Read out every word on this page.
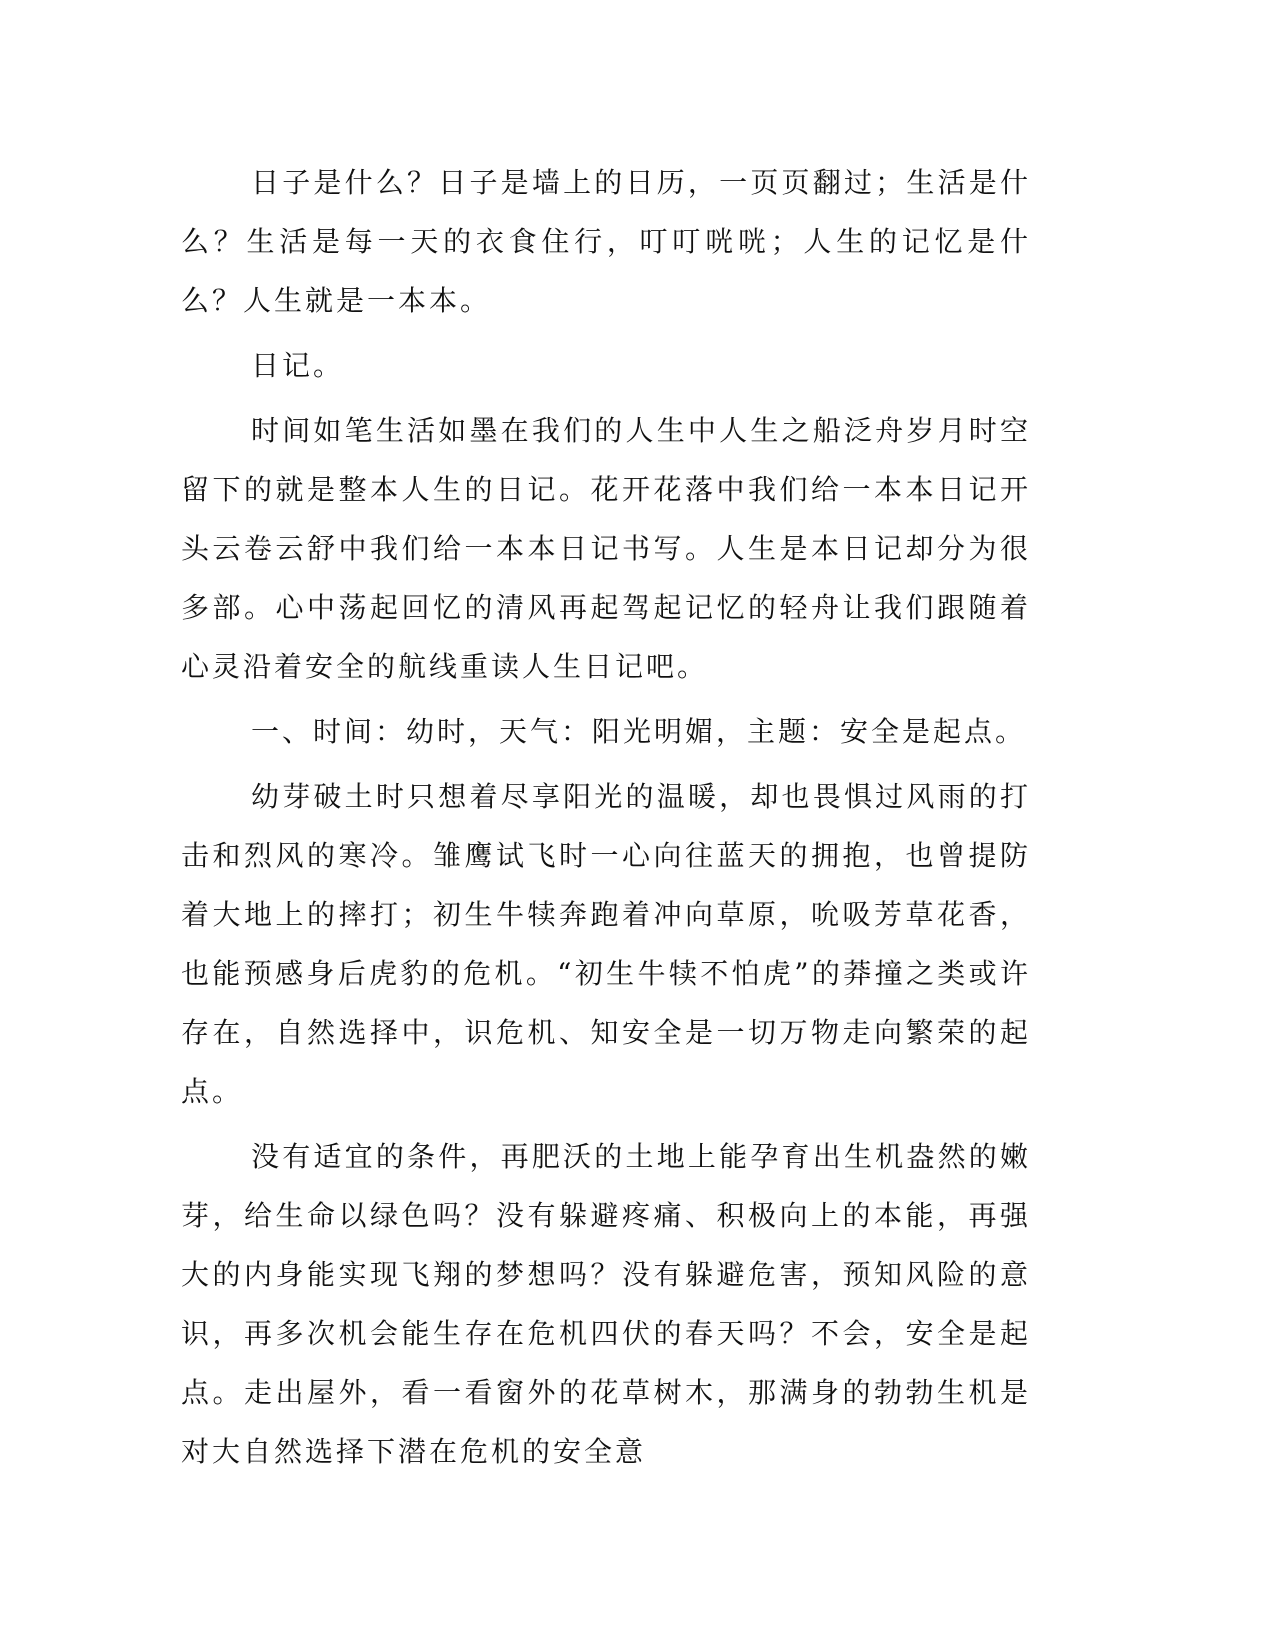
日子是什么？日子是墙上的日历，一页页翻过；生活是什么？生活是每一天的衣食住行，叮叮咣咣；人生的记忆是什么？人生就是一本本。

日记。

时间如笔生活如墨在我们的人生中人生之船泛舟岁月时空留下的就是整本人生的日记。花开花落中我们给一本本日记开头云卷云舒中我们给一本本日记书写。人生是本日记却分为很多部。心中荡起回忆的清风再起驾起记忆的轻舟让我们跟随着心灵沿着安全的航线重读人生日记吧。

一、时间：幼时，天气：阳光明媚，主题：安全是起点。

幼芽破土时只想着尽享阳光的温暖，却也畏惧过风雨的打击和烈风的寒冷。雏鹰试飞时一心向往蓝天的拥抱，也曾提防着大地上的摔打；初生牛犊奔跑着冲向草原，吮吸芳草花香，也能预感身后虎豹的危机。“初生牛犊不怕虎”的莽撞之类或许存在，自然选择中，识危机、知安全是一切万物走向繁荣的起点。

没有适宜的条件，再肥沃的土地上能孕育出生机盎然的嫩芽，给生命以绿色吗？没有躲避疼痛、积极向上的本能，再强大的内身能实现飞翔的梦想吗？没有躲避危害，预知风险的意识，再多次机会能生存在危机四伏的春天吗？不会，安全是起点。走出屋外，看一看窗外的花草树木，那满身的勃勃生机是对大自然选择下潜在危机的安全意
